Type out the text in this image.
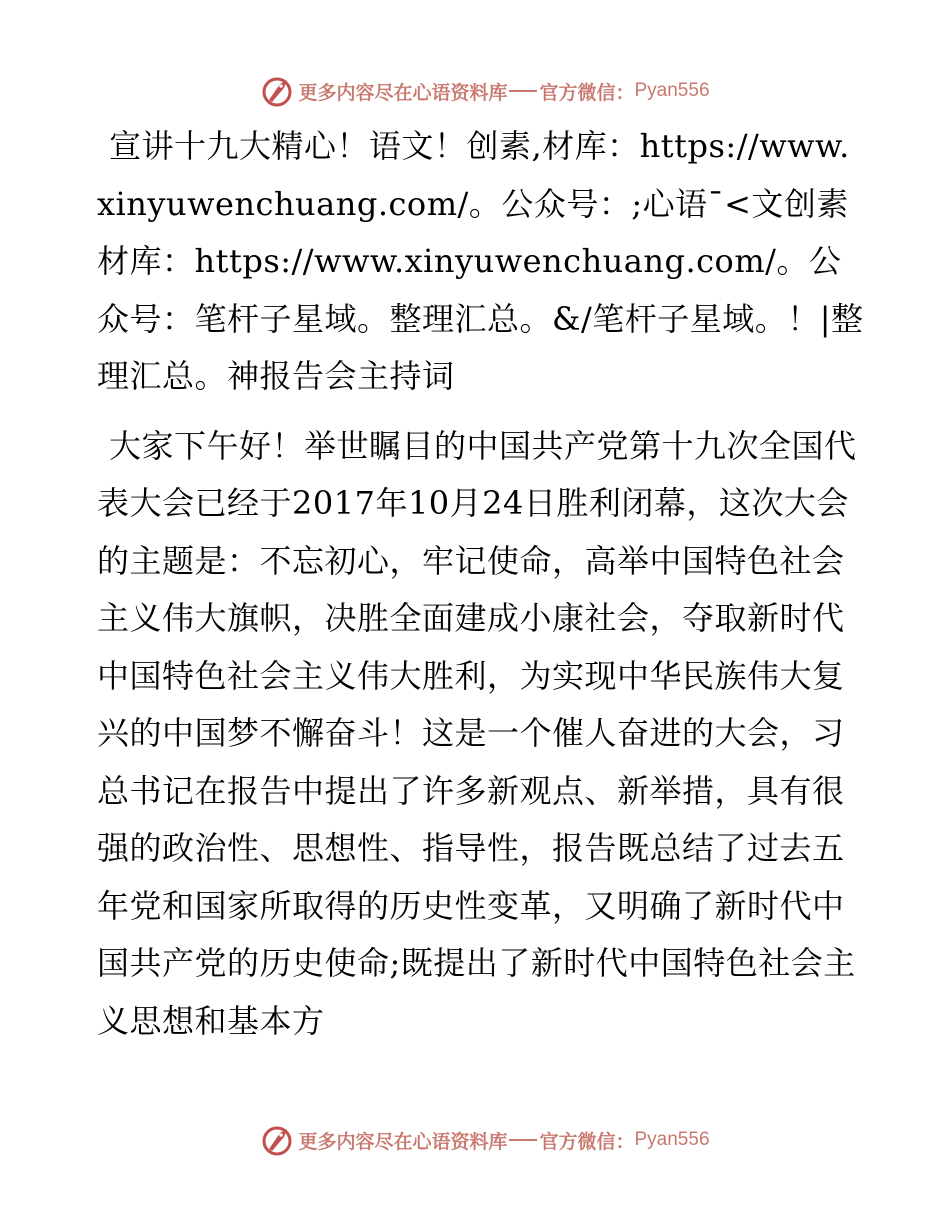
更多内容尽在心语资料库 官方微信： Pyan556

宣讲十九大精心！语文！创素,材库：https://www.xinyuwenchuang.com/。公众号：;心语¯<文创素材库：https://www.xinyuwenchuang.com/。公众号：笔杆子星域。整理汇总。&/笔杆子星域。！|整理汇总。神报告会主持词

大家下午好！举世瞩目的中国共产党第十九次全国代表大会已经于2017年10月24日胜利闭幕，这次大会的主题是：不忘初心，牢记使命，高举中国特色社会主义伟大旗帜，决胜全面建成小康社会，夺取新时代中国特色社会主义伟大胜利，为实现中华民族伟大复兴的中国梦不懈奋斗！这是一个催人奋进的大会，习总书记在报告中提出了许多新观点、新举措，具有很强的政治性、思想性、指导性，报告既总结了过去五年党和国家所取得的历史性变革，又明确了新时代中国共产党的历史使命;既提出了新时代中国特色社会主义思想和基本方

更多内容尽在心语资料库 官方微信： Pyan556
